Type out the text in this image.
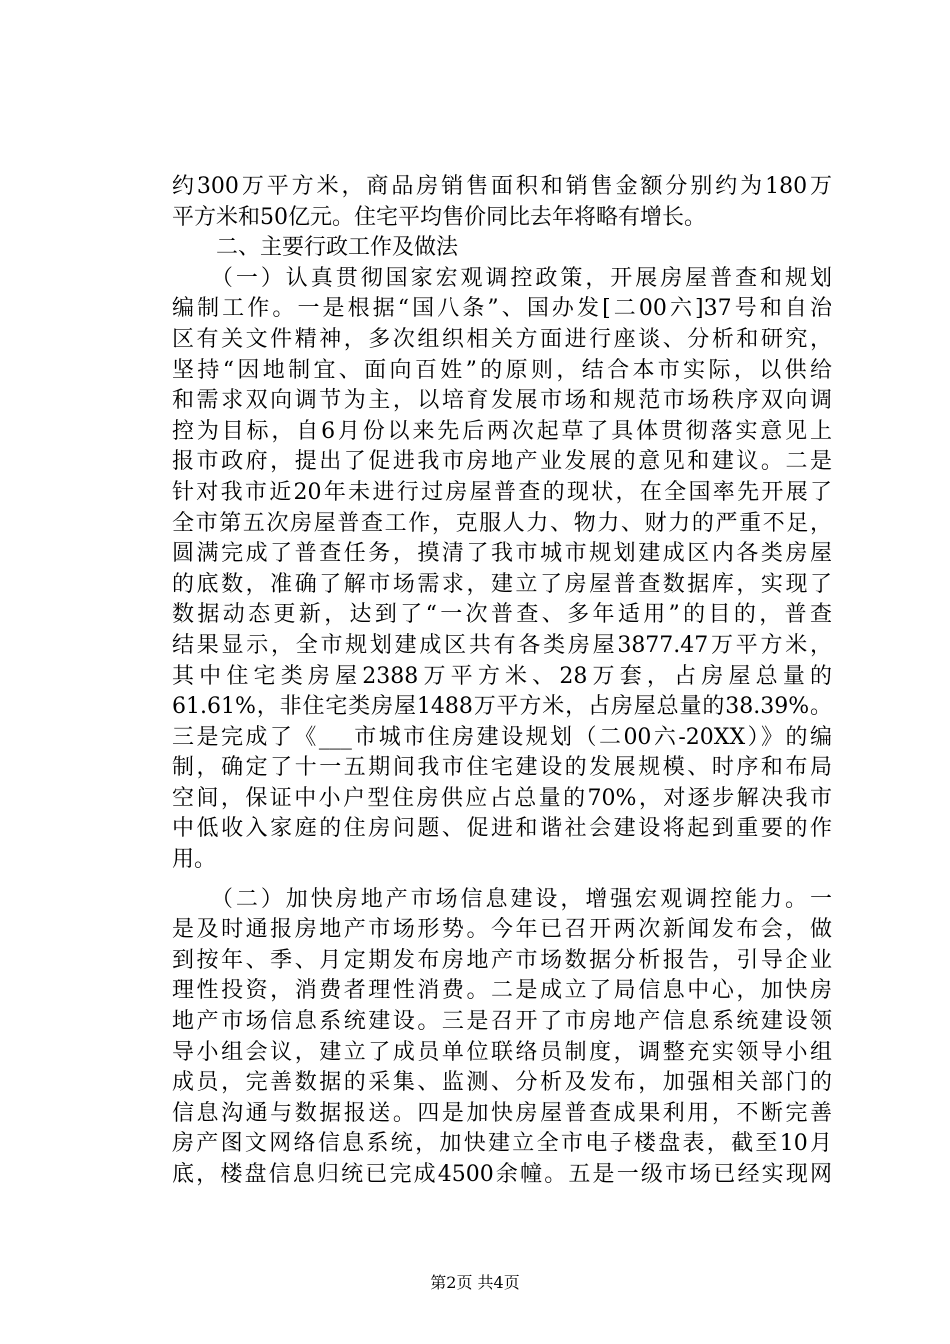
约300万平方米，商品房销售面积和销售金额分别约为180万
平方米和50亿元。住宅平均售价同比去年将略有增长。
　　二、主要行政工作及做法
　　（一）认真贯彻国家宏观调控政策，开展房屋普查和规划
编制工作。一是根据“国八条”、国办发[二00六]37号和自治
区有关文件精神，多次组织相关方面进行座谈、分析和研究，
坚持“因地制宜、面向百姓”的原则，结合本市实际，以供给
和需求双向调节为主，以培育发展市场和规范市场秩序双向调
控为目标，自6月份以来先后两次起草了具体贯彻落实意见上
报市政府，提出了促进我市房地产业发展的意见和建议。二是
针对我市近20年未进行过房屋普查的现状，在全国率先开展了
全市第五次房屋普查工作，克服人力、物力、财力的严重不足，
圆满完成了普查任务，摸清了我市城市规划建成区内各类房屋
的底数，准确了解市场需求，建立了房屋普查数据库，实现了
数据动态更新，达到了“一次普查、多年适用”的目的，普查
结果显示，全市规划建成区共有各类房屋3877.47万平方米，
其中住宅类房屋2388万平方米、28万套，占房屋总量的
61.61%，非住宅类房屋1488万平方米，占房屋总量的38.39%。
三是完成了《___市城市住房建设规划（二00六-20XX）》的编
制，确定了十一五期间我市住宅建设的发展规模、时序和布局
空间，保证中小户型住房供应占总量的70%，对逐步解决我市
中低收入家庭的住房问题、促进和谐社会建设将起到重要的作
用。
　　（二）加快房地产市场信息建设，增强宏观调控能力。一
是及时通报房地产市场形势。今年已召开两次新闻发布会，做
到按年、季、月定期发布房地产市场数据分析报告，引导企业
理性投资，消费者理性消费。二是成立了局信息中心，加快房
地产市场信息系统建设。三是召开了市房地产信息系统建设领
导小组会议，建立了成员单位联络员制度，调整充实领导小组
成员，完善数据的采集、监测、分析及发布，加强相关部门的
信息沟通与数据报送。四是加快房屋普查成果利用，不断完善
房产图文网络信息系统，加快建立全市电子楼盘表，截至10月
底，楼盘信息归统已完成4500余幢。五是一级市场已经实现网
第2页 共4页
